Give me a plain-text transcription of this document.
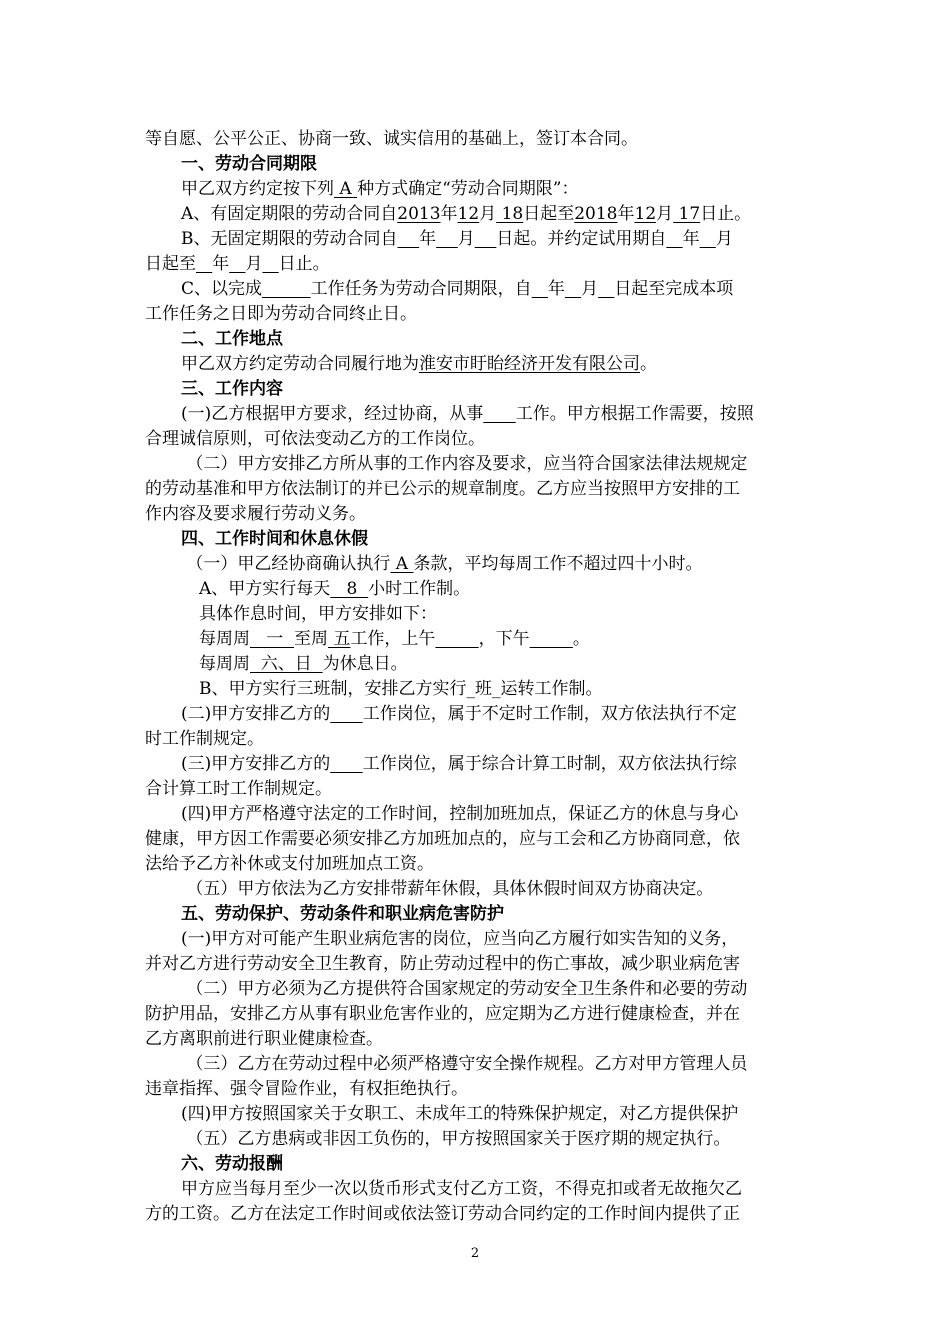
等自愿、公平公正、协商一致、诚实信用的基础上，签订本合同。
一、劳动合同期限
甲乙双方约定按下列 A 种方式确定“劳动合同期限”：
A、有固定期限的劳动合同自2013年12月 18日起至2018年12月 17日止。
B、无固定期限的劳动合同自 年 月 日起。并约定试用期自 年 月
日起至 年 月 日止。
C、以完成	工作任务为劳动合同期限，自 年 月 日起至完成本项
工作任务之日即为劳动合同终止日。
二、工作地点
甲乙双方约定劳动合同履行地为淮安市盱眙经济开发有限公司。
三、工作内容
(一)乙方根据甲方要求，经过协商，从事 工作。甲方根据工作需要，按照
合理诚信原则，可依法变动乙方的工作岗位。
（二）甲方安排乙方所从事的工作内容及要求，应当符合国家法律法规规定
的劳动基准和甲方依法制订的并已公示的规章制度。乙方应当按照甲方安排的工
作内容及要求履行劳动义务。
四、工作时间和休息休假
（一）甲乙经协商确认执行 A 条款，平均每周工作不超过四十小时。
A、甲方实行每天   8  小时工作制。
具体作息时间，甲方安排如下：
每周周   一  至周 五工作，上午	，下午	。
每周周  六、日  为休息日。
B、甲方实行三班制，安排乙方实行_班_运转工作制。
(二)甲方安排乙方的 工作岗位，属于不定时工作制，双方依法执行不定
时工作制规定。
(三)甲方安排乙方的 工作岗位，属于综合计算工时制，双方依法执行综
合计算工时工作制规定。
(四)甲方严格遵守法定的工作时间，控制加班加点，保证乙方的休息与身心
健康，甲方因工作需要必须安排乙方加班加点的，应与工会和乙方协商同意，依
法给予乙方补休或支付加班加点工资。
（五）甲方依法为乙方安排带薪年休假，具体休假时间双方协商决定。
五、劳动保护、劳动条件和职业病危害防护
(一)甲方对可能产生职业病危害的岗位，应当向乙方履行如实告知的义务，
并对乙方进行劳动安全卫生教育，防止劳动过程中的伤亡事故，减少职业病危害
（二）甲方必须为乙方提供符合国家规定的劳动安全卫生条件和必要的劳动
防护用品，安排乙方从事有职业危害作业的，应定期为乙方进行健康检查，并在
乙方离职前进行职业健康检查。
（三）乙方在劳动过程中必须严格遵守安全操作规程。乙方对甲方管理人员
违章指挥、强令冒险作业，有权拒绝执行。
(四)甲方按照国家关于女职工、未成年工的特殊保护规定，对乙方提供保护
（五）乙方患病或非因工负伤的，甲方按照国家关于医疗期的规定执行。
六、劳动报酬
甲方应当每月至少一次以货币形式支付乙方工资，不得克扣或者无故拖欠乙
方的工资。乙方在法定工作时间或依法签订劳动合同约定的工作时间内提供了正
2
